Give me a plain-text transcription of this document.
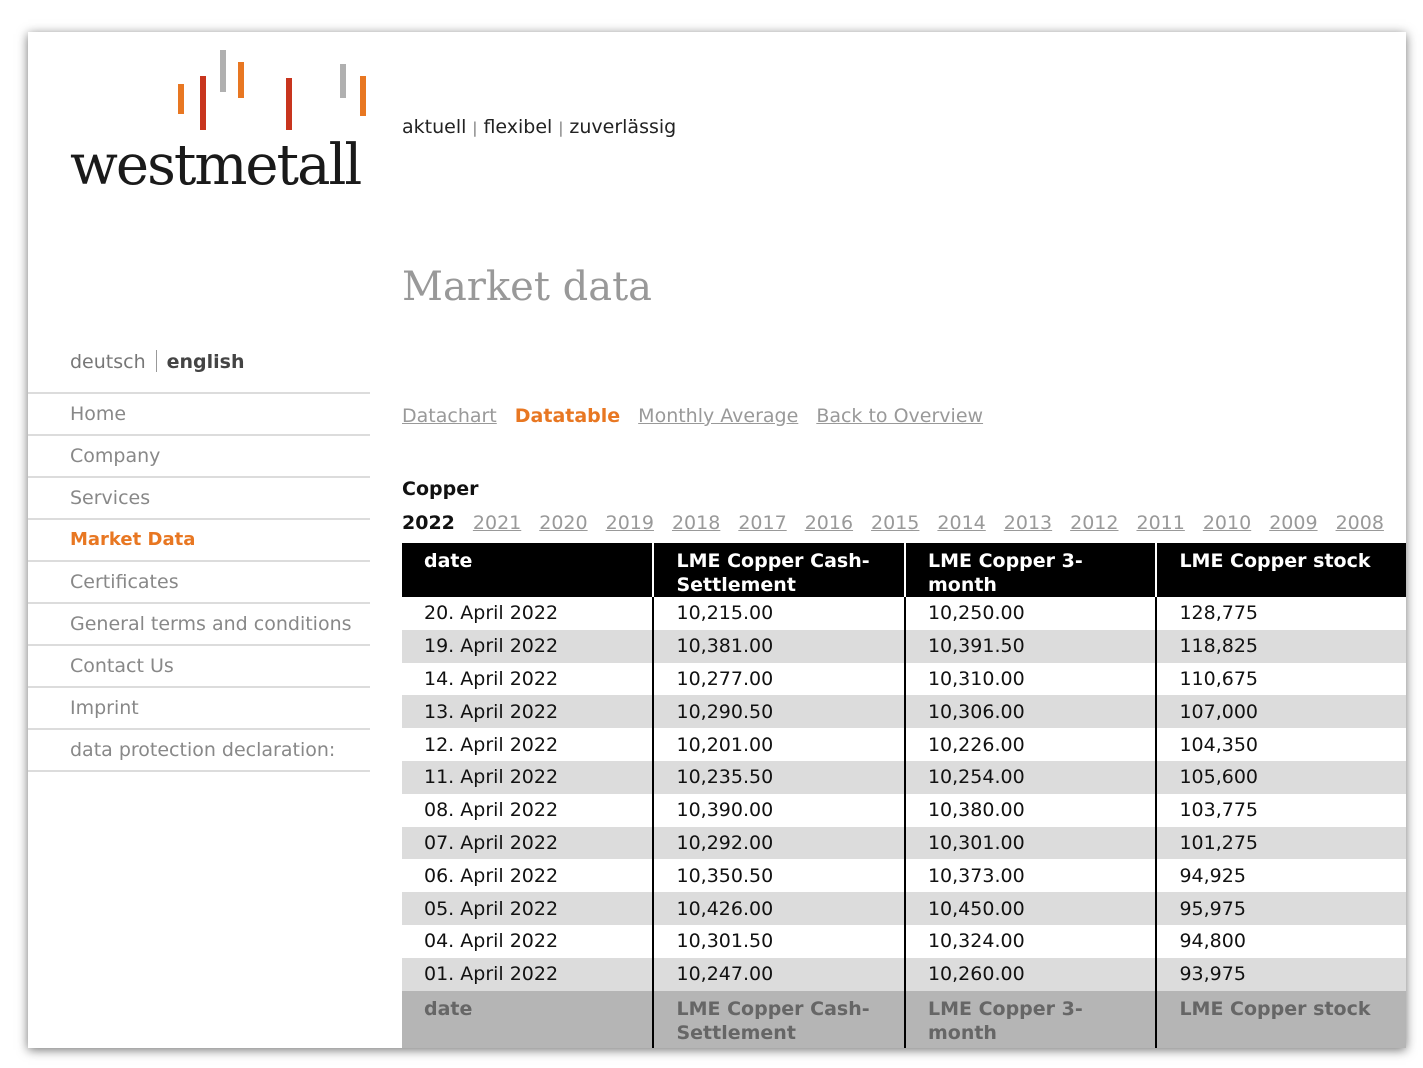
westmetall
aktuell | flexibel | zuverlässig
deutsch english
Home
Company
Services
Market Data
Certificates
General terms and conditions
Contact Us
Imprint
data protection declaration:
Market data
Datachart Datatable Monthly Average Back to Overview
Copper
2022 2021 2020 2019 2018 2017 2016 2015 2014 2013 2012 2011 2010 2009 2008
date	LME Copper Cash-Settlement	LME Copper 3-month	LME Copper stock
20. April 2022	10,215.00	10,250.00	128,775
19. April 2022	10,381.00	10,391.50	118,825
14. April 2022	10,277.00	10,310.00	110,675
13. April 2022	10,290.50	10,306.00	107,000
12. April 2022	10,201.00	10,226.00	104,350
11. April 2022	10,235.50	10,254.00	105,600
08. April 2022	10,390.00	10,380.00	103,775
07. April 2022	10,292.00	10,301.00	101,275
06. April 2022	10,350.50	10,373.00	94,925
05. April 2022	10,426.00	10,450.00	95,975
04. April 2022	10,301.50	10,324.00	94,800
01. April 2022	10,247.00	10,260.00	93,975
date	LME Copper Cash-Settlement	LME Copper 3-month	LME Copper stock
